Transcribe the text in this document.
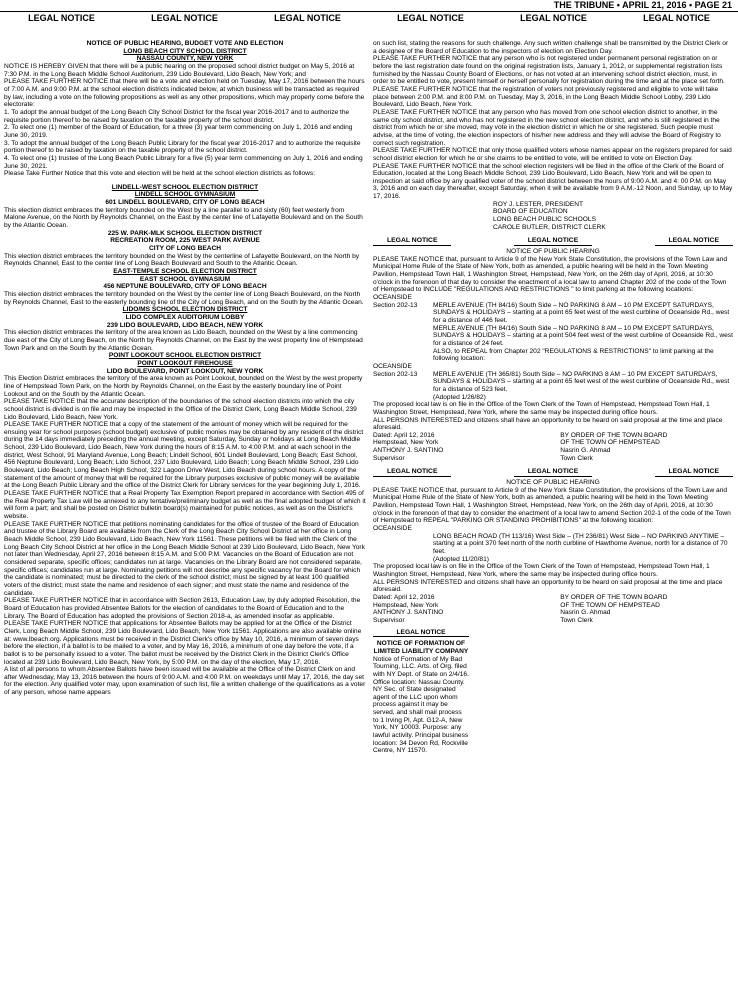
THE TRIBUNE • APRIL 21, 2016 • PAGE 21
LEGAL NOTICE	LEGAL NOTICE	LEGAL NOTICE	LEGAL NOTICE	LEGAL NOTICE	LEGAL NOTICE

NOTICE OF PUBLIC HEARING, BUDGET VOTE AND ELECTION

LONG BEACH CITY SCHOOL DISTRICT

NASSAU COUNTY, NEW YORK

NOTICE IS HEREBY GIVEN that there will be a public hearing on the proposed school district budget on May 5, 2016 at 7:30 P.M. in the Long Beach Middle School Auditorium, 239 Lido Boulevard, Lido Beach, New York; and

PLEASE TAKE FURTHER NOTICE that there will be a vote and election held on Tuesday, May 17, 2016 between the hours of 7:00 A.M. and 9:00 P.M. at the school election districts indicated below, at which business will be transacted as required by law, including a vote on the following propositions as well as any other propositions, which may properly come before the electorate:

1. To adopt the annual budget of the Long Beach City School District for the fiscal year 2016-2017 and to authorize the requisite portion thereof to be raised by taxation on the taxable property of the school district.

2. To elect one (1) member of the Board of Education, for a three (3) year term commencing on July 1, 2016 and ending June 30, 2019.

3. To adopt the annual budget of the Long Beach Public Library for the fiscal year 2016-2017 and to authorize the requisite portion thereof to be raised by taxation on the taxable property of the school district.

4. To elect one (1) trustee of the Long Beach Public Library for a five (5) year term commencing on July 1, 2016 and ending June 30, 2021.

Please Take Further Notice that this vote and election will be held at the school election districts as follows:

LINDELL-WEST SCHOOL ELECTION DISTRICT

LINDELL SCHOOL GYMNASIUM

601 LINDELL BOULEVARD, CITY OF LONG BEACH

This election district embraces the territory bounded on the West by a line parallel to and sixty (60) feet westerly from Malone Avenue, on the North by Reynolds Channel, on the East by the center line of Lafayette Boulevard and on the South by the Atlantic Ocean.

225 W. PARK-MLK SCHOOL ELECTION DISTRICT

RECREATION ROOM, 225 WEST PARK AVENUE

CITY OF LONG BEACH

This election district embraces the territory bounded on the West by the centerline of Lafayette Boulevard, on the North by Reynolds Channel, East to the center line of Long Beach Boulevard and South to the Atlantic Ocean.

EAST-TEMPLE SCHOOL ELECTION DISTRICT

EAST SCHOOL GYMNASIUM

456 NEPTUNE BOULEVARD, CITY OF LONG BEACH

This election district embraces the territory bounded on the West by the center line of Long Beach Boulevard, on the North by Reynolds Channel, East to the easterly bounding line of the City of Long Beach, and on the South by the Atlantic Ocean.

LIDO/MS SCHOOL ELECTION DISTRICT

LIDO COMPLEX AUDITORIUM LOBBY

239 LIDO BOULEVARD, LIDO BEACH, NEW YORK

This election district embraces the territory of the area known as Lido Beach, bounded on the West by a line commencing due east of the City of Long Beach, on the North by Reynolds Channel, on the East by the west property line of Hempstead Town Park and on the South by the Atlantic Ocean.

POINT LOOKOUT SCHOOL ELECTION DISTRICT

POINT LOOKOUT FIREHOUSE

LIDO BOULEVARD, POINT LOOKOUT, NEW YORK

This Election District embraces the territory of the area known as Point Lookout, bounded on the West by the west property line of Hempstead Town Park, on the North by Reynolds Channel, on the East by the easterly boundary line of Point Lookout and on the South by the Atlantic Ocean.

PLEASE TAKE NOTICE that the accurate description of the boundaries of the school election districts into which the city school district is divided is on file and may be inspected in the Office of the District Clerk, Long Beach Middle School, 239 Lido Boulevard, Lido Beach, New York.

PLEASE TAKE FURTHER NOTICE that a copy of the statement of the amount of money which will be required for the ensuing year for school purposes (school budget) exclusive of public monies may be obtained by any resident of the district during the 14 days immediately preceding the annual meeting, except Saturday, Sunday or holidays at Long Beach Middle School, 239 Lido Boulevard, Lido Beach, New York during the hours of 8:15 A.M. to 4:00 P.M. and at each school in the district, West School, 91 Maryland Avenue, Long Beach; Lindell School, 601 Lindell Boulevard, Long Beach; East School, 456 Neptune Boulevard, Long Beach; Lido School, 237 Lido Boulevard, Lido Beach; Long Beach Middle School, 239 Lido Boulevard, Lido Beach; Long Beach High School, 322 Lagoon Drive West, Lido Beach during school hours. A copy of the statement of the amount of money that will be required for the Library purposes exclusive of public money will be available at the Long Beach Public Library and the office of the District Clerk for Library services for the year beginning July 1, 2016.

PLEASE TAKE FURTHER NOTICE that a Real Property Tax Exemption Report prepared in accordance with Section 495 of the Real Property Tax Law will be annexed to any tentative/preliminary budget as well as the final adopted budget of which it will form a part; and shall be posted on District bulletin board(s) maintained for public notices, as well as on the District's website.

PLEASE TAKE FURTHER NOTICE that petitions nominating candidates for the office of trustee of the Board of Education and trustee of the Library Board are available from the Clerk of the Long Beach City School District at her office in Long Beach Middle School, 239 Lido Boulevard, Lido Beach, New York 11561. These petitions will be filed with the Clerk of the Long Beach City School District at her office in the Long Beach Middle School at 239 Lido Boulevard, Lido Beach, New York not later than Wednesday, April 27, 2016 between 8:15 A.M. and 5:00 P.M. Vacancies on the Board of Education are not considered separate, specific offices; candidates run at large. Vacancies on the Library Board are not considered separate, specific offices; candidates run at large. Nominating petitions will not describe any specific vacancy for the Board for which the candidate is nominated; must be directed to the clerk of the school district; must be signed by at least 100 qualified voters of the district; must state the name and residence of each signer; and must state the name and residence of the candidate.

PLEASE TAKE FURTHER NOTICE that in accordance with Section 2613, Education Law, by duly adopted Resolution, the Board of Education has provided Absentee Ballots for the election of candidates to the Board of Education and to the Library. The Board of Education has adopted the provisions of Section 2018-a, as amended insofar as applicable.

PLEASE TAKE FURTHER NOTICE that applications for Absentee Ballots may be applied for at the Office of the District Clerk, Long Beach Middle School, 239 Lido Boulevard, Lido Beach, New York 11561. Applications are also available online at: www.lbeach.org. Applications must be received in the District Clerk's office by May 10, 2016, a minimum of seven days before the election, if a ballot is to be mailed to a voter, and by May 16, 2016, a minimum of one day before the vote, if a ballot is to be personally issued to a voter. The ballot must be received by the District Clerk in the District Clerk's Office located at 239 Lido Boulevard, Lido Beach, New York, by 5:00 P.M. on the day of the election, May 17, 2016.

A list of all persons to whom Absentee Ballots have been issued will be available at the Office of the District Clerk on and after Wednesday, May 13, 2016 between the hours of 9:00 A.M. and 4:00 P.M. on weekdays until May 17, 2016, the day set for the election. Any qualified voter may, upon examination of such list, file a written challenge of the qualifications as a voter of any person, whose name appears

on such list, stating the reasons for such challenge. Any such written challenge shall be transmitted by the District Clerk or a designee of the Board of Education to the inspectors of election on Election Day.

PLEASE TAKE FURTHER NOTICE that any person who is not registered under permanent personal registration on or before the last registration date found on the original registration lists, January 1, 2012, or supplemental registration lists furnished by the Nassau County Board of Elections, or has not voted at an intervening school district election, must, in order to be entitled to vote, present himself or herself personally for registration during the time and at the place set forth.

PLEASE TAKE FURTHER NOTICE that the registration of voters not previously registered and eligible to vote will take place between 2:00 P.M. and 8:00 P.M. on Tuesday, May 3, 2016, in the Long Beach Middle School Lobby, 239 Lido Boulevard, Lido Beach, New York.

PLEASE TAKE FURTHER NOTICE that any person who has moved from one school election district to another, in the same city school district, and who has not registered in the new school election district, and who is still registered in the district from which he or she moved, may vote in the election district in which he or she registered. Such people must advise, at the time of voting, the election inspectors of his/her new address and they will advise the Board of Registry to correct such registration.

PLEASE TAKE FURTHER NOTICE that only those qualified voters whose names appear on the registers prepared for said school district election for which he or she claims to be entitled to vote, will be entitled to vote on Election Day.

PLEASE TAKE FURTHER NOTICE that the school election registers will be filed in the office of the Clerk of the Board of Education, located at the Long Beach Middle School, 239 Lido Boulevard, Lido Beach, New York and will be open to inspection at said office by any qualified voter of the school district between the hours of 9:00 A.M. and 4: 00 P.M. on May 3, 2016 and on each day thereafter, except Saturday, when it will be available from 9 A.M.-12 Noon, and Sunday, up to May 17, 2016.

ROY J. LESTER, PRESIDENT

BOARD OF EDUCATION

LONG BEACH PUBLIC SCHOOLS

CAROLE BUTLER, DISTRICT CLERK

LEGAL NOTICE	LEGAL NOTICE	LEGAL NOTICE

NOTICE OF PUBLIC HEARING

PLEASE TAKE NOTICE that, pursuant to Article 9 of the New York State Constitution, the provisions of the Town Law and Municipal Home Rule of the State of New York, both as amended, a public hearing will be held in the Town Meeting Pavilion, Hempstead Town Hall, 1 Washington Street, Hempstead, New York, on the 26th day of April, 2016, at 10:30 o'clock in the forenoon of that day to consider the enactment of a local law to amend Chapter 202 of the code of the Town of Hempstead to INCLUDE "REGULATIONS AND RESTRICTIONS " to limit parking at the following locations:

OCEANSIDE

Section 202-13	MERLE AVENUE (TH 84/16) South Side – NO PARKING 8 AM – 10 PM EXCEPT SATURDAYS, SUNDAYS & HOLIDAYS – starting at a point 65 feet west of the west curbline of Oceanside Rd., west for a distance of 446 feet.

MERLE AVENUE (TH 84/16) South Side – NO PARKING 8 AM – 10 PM EXCEPT SATURDAYS, SUNDAYS & HOLIDAYS – starting at a point 504 feet west of the west curbline of Oceanside Rd., west for a distance of 24 feet.

ALSO, to REPEAL from Chapter 202 "REGULATIONS & RESTRICTIONS" to limit parking at the following location:

OCEANSIDE

Section 202-13	MERLE AVENUE (TH 365/81) South Side – NO PARKING 8 AM – 10 PM EXCEPT SATURDAYS, SUNDAYS & HOLIDAYS – starting at a point 65 feet west of the west curbline of Oceanside Rd., west for a distance of 523 feet.

(Adopted 1/26/82)

The proposed local law is on file in the Office of the Town Clerk of the Town of Hempstead, Hempstead Town Hall, 1 Washington Street, Hempstead, New York, where the same may be inspected during office hours.

ALL PERSONS INTERESTED and citizens shall have an opportunity to be heard on said proposal at the time and place aforesaid.

Dated: April 12, 2016

Hempstead, New York

ANTHONY J. SANTINO

Supervisor

BY ORDER OF THE TOWN BOARD

OF THE TOWN OF HEMPSTEAD

Nasrin G. Ahmad

Town Clerk

LEGAL NOTICE	LEGAL NOTICE	LEGAL NOTICE

NOTICE OF PUBLIC HEARING

PLEASE TAKE NOTICE that, pursuant to Article 9 of the New York State Constitution, the provisions of the Town Law and Municipal Home Rule of the State of New York, both as amended, a public hearing will be held in the Town Meeting Pavilion, Hempstead Town Hall, 1 Washington Street, Hempstead, New York, on the 26th day of April, 2016, at 10:30 o'clock in the forenoon of that day to consider the enactment of a local law to amend Section 202-1 of the code of the Town of Hempstead to REPEAL "PARKING OR STANDING PROHIBITIONS" at the following location:

OCEANSIDE

LONG BEACH ROAD (TH 113/16) West Side – (TH 236/81) West Side – NO PARKING ANYTIME – starting at a point 370 feet north of the north curbline of Hawthorne Avenue, north for a distance of 70 feet.

(Adopted 11/20/81)

The proposed local law is on file in the Office of the Town Clerk of the Town of Hempstead, Hempstead Town Hall, 1 Washington Street, Hempstead, New York, where the same may be inspected during office hours.

ALL PERSONS INTERESTED and citizens shall have an opportunity to be heard on said proposal at the time and place aforesaid.

Dated: April 12, 2016

Hempstead, New York

ANTHONY J. SANTINO

Supervisor

BY ORDER OF THE TOWN BOARD

OF THE TOWN OF HEMPSTEAD

Nasrin G. Ahmad

Town Clerk

LEGAL NOTICE

NOTICE OF FORMATION OF LIMITED LIABILITY COMPANY

Notice of Formation of My Bad Tourning, LLC. Arts. of Org. filed with NY Dept. of State on 2/4/16. Office location: Nassau County. NY Sec. of State designated agent of the LLC upon whom process against it may be served, and shall mail process to 1 Irving Pl, Apt. G12-A, New York, NY 10003. Purpose: any lawful activity. Principal business location: 34 Devon Rd, Rockville Centre, NY 11570.
